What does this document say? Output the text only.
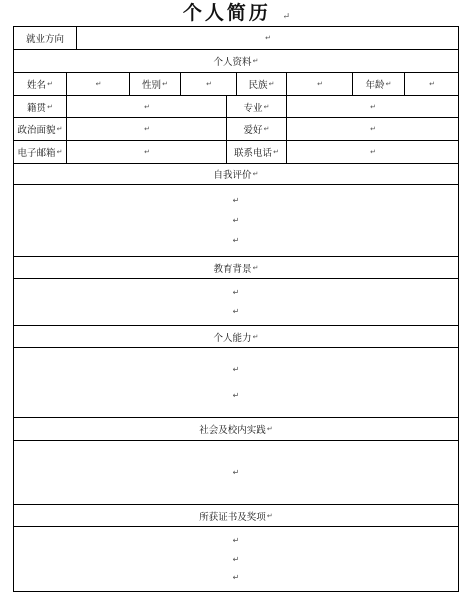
个人简历 ↵
就业方向	↵
个人资料 ↵
姓名 ↵	↵	性别 ↵	↵	民族 ↵	↵	年龄 ↵	↵
籍贯 ↵	↵	专业 ↵	↵
政治面貌 ↵	↵	爱好 ↵	↵
电子邮箱 ↵	↵	联系电话 ↵	↵
自我评价 ↵
↵
↵
↵
教育背景 ↵
↵
↵
个人能力 ↵
↵
↵
社会及校内实践 ↵
↵
所获证书及奖项 ↵
↵
↵
↵
